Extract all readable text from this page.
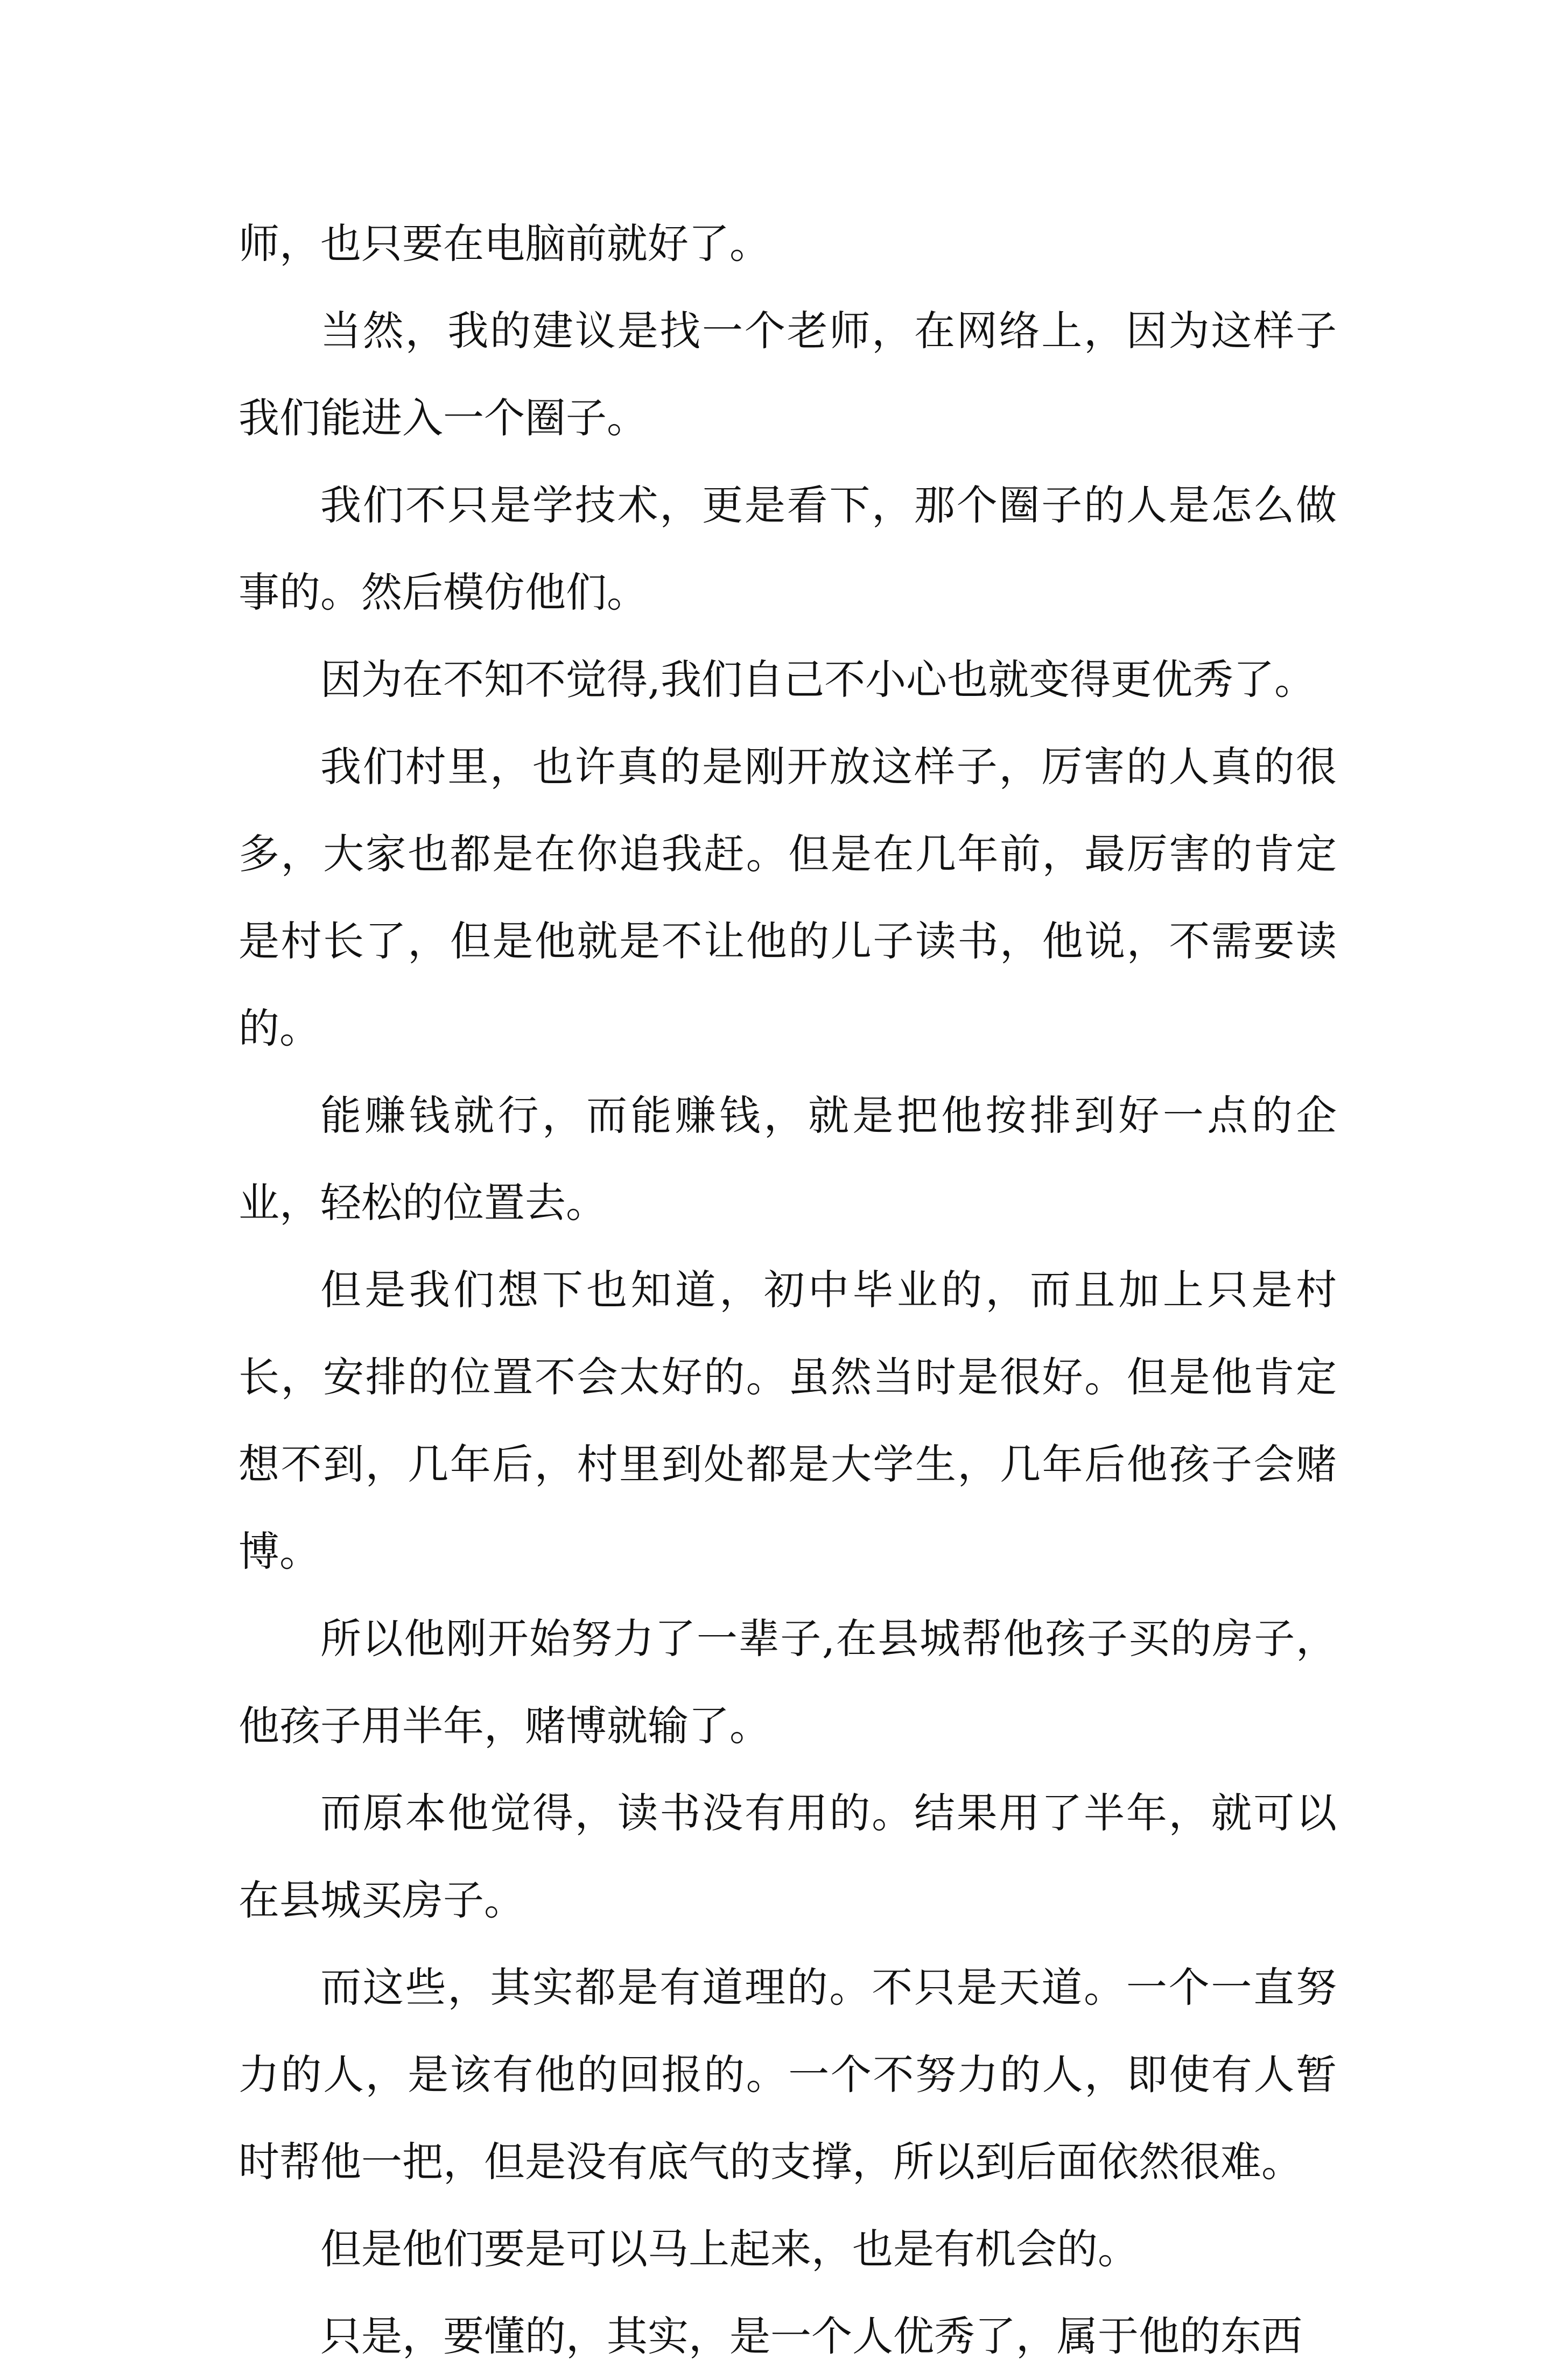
师，也只要在电脑前就好了。

当然，我的建议是找一个老师，在网络上，因为这样子我们能进入一个圈子。

我们不只是学技术，更是看下，那个圈子的人是怎么做事的。然后模仿他们。

因为在不知不觉得,我们自己不小心也就变得更优秀了。

我们村里，也许真的是刚开放这样子，厉害的人真的很多，大家也都是在你追我赶。但是在几年前，最厉害的肯定是村长了，但是他就是不让他的儿子读书，他说，不需要读的。

能赚钱就行，而能赚钱，就是把他按排到好一点的企业，轻松的位置去。

但是我们想下也知道，初中毕业的，而且加上只是村长，安排的位置不会太好的。虽然当时是很好。但是他肯定想不到，几年后，村里到处都是大学生，几年后他孩子会赌博。

所以他刚开始努力了一辈子,在县城帮他孩子买的房子，他孩子用半年，赌博就输了。

而原本他觉得，读书没有用的。结果用了半年，就可以在县城买房子。

而这些，其实都是有道理的。不只是天道。一个一直努力的人，是该有他的回报的。一个不努力的人，即使有人暂时帮他一把，但是没有底气的支撑，所以到后面依然很难。

但是他们要是可以马上起来，也是有机会的。

只是，要懂的，其实，是一个人优秀了，属于他的东西
